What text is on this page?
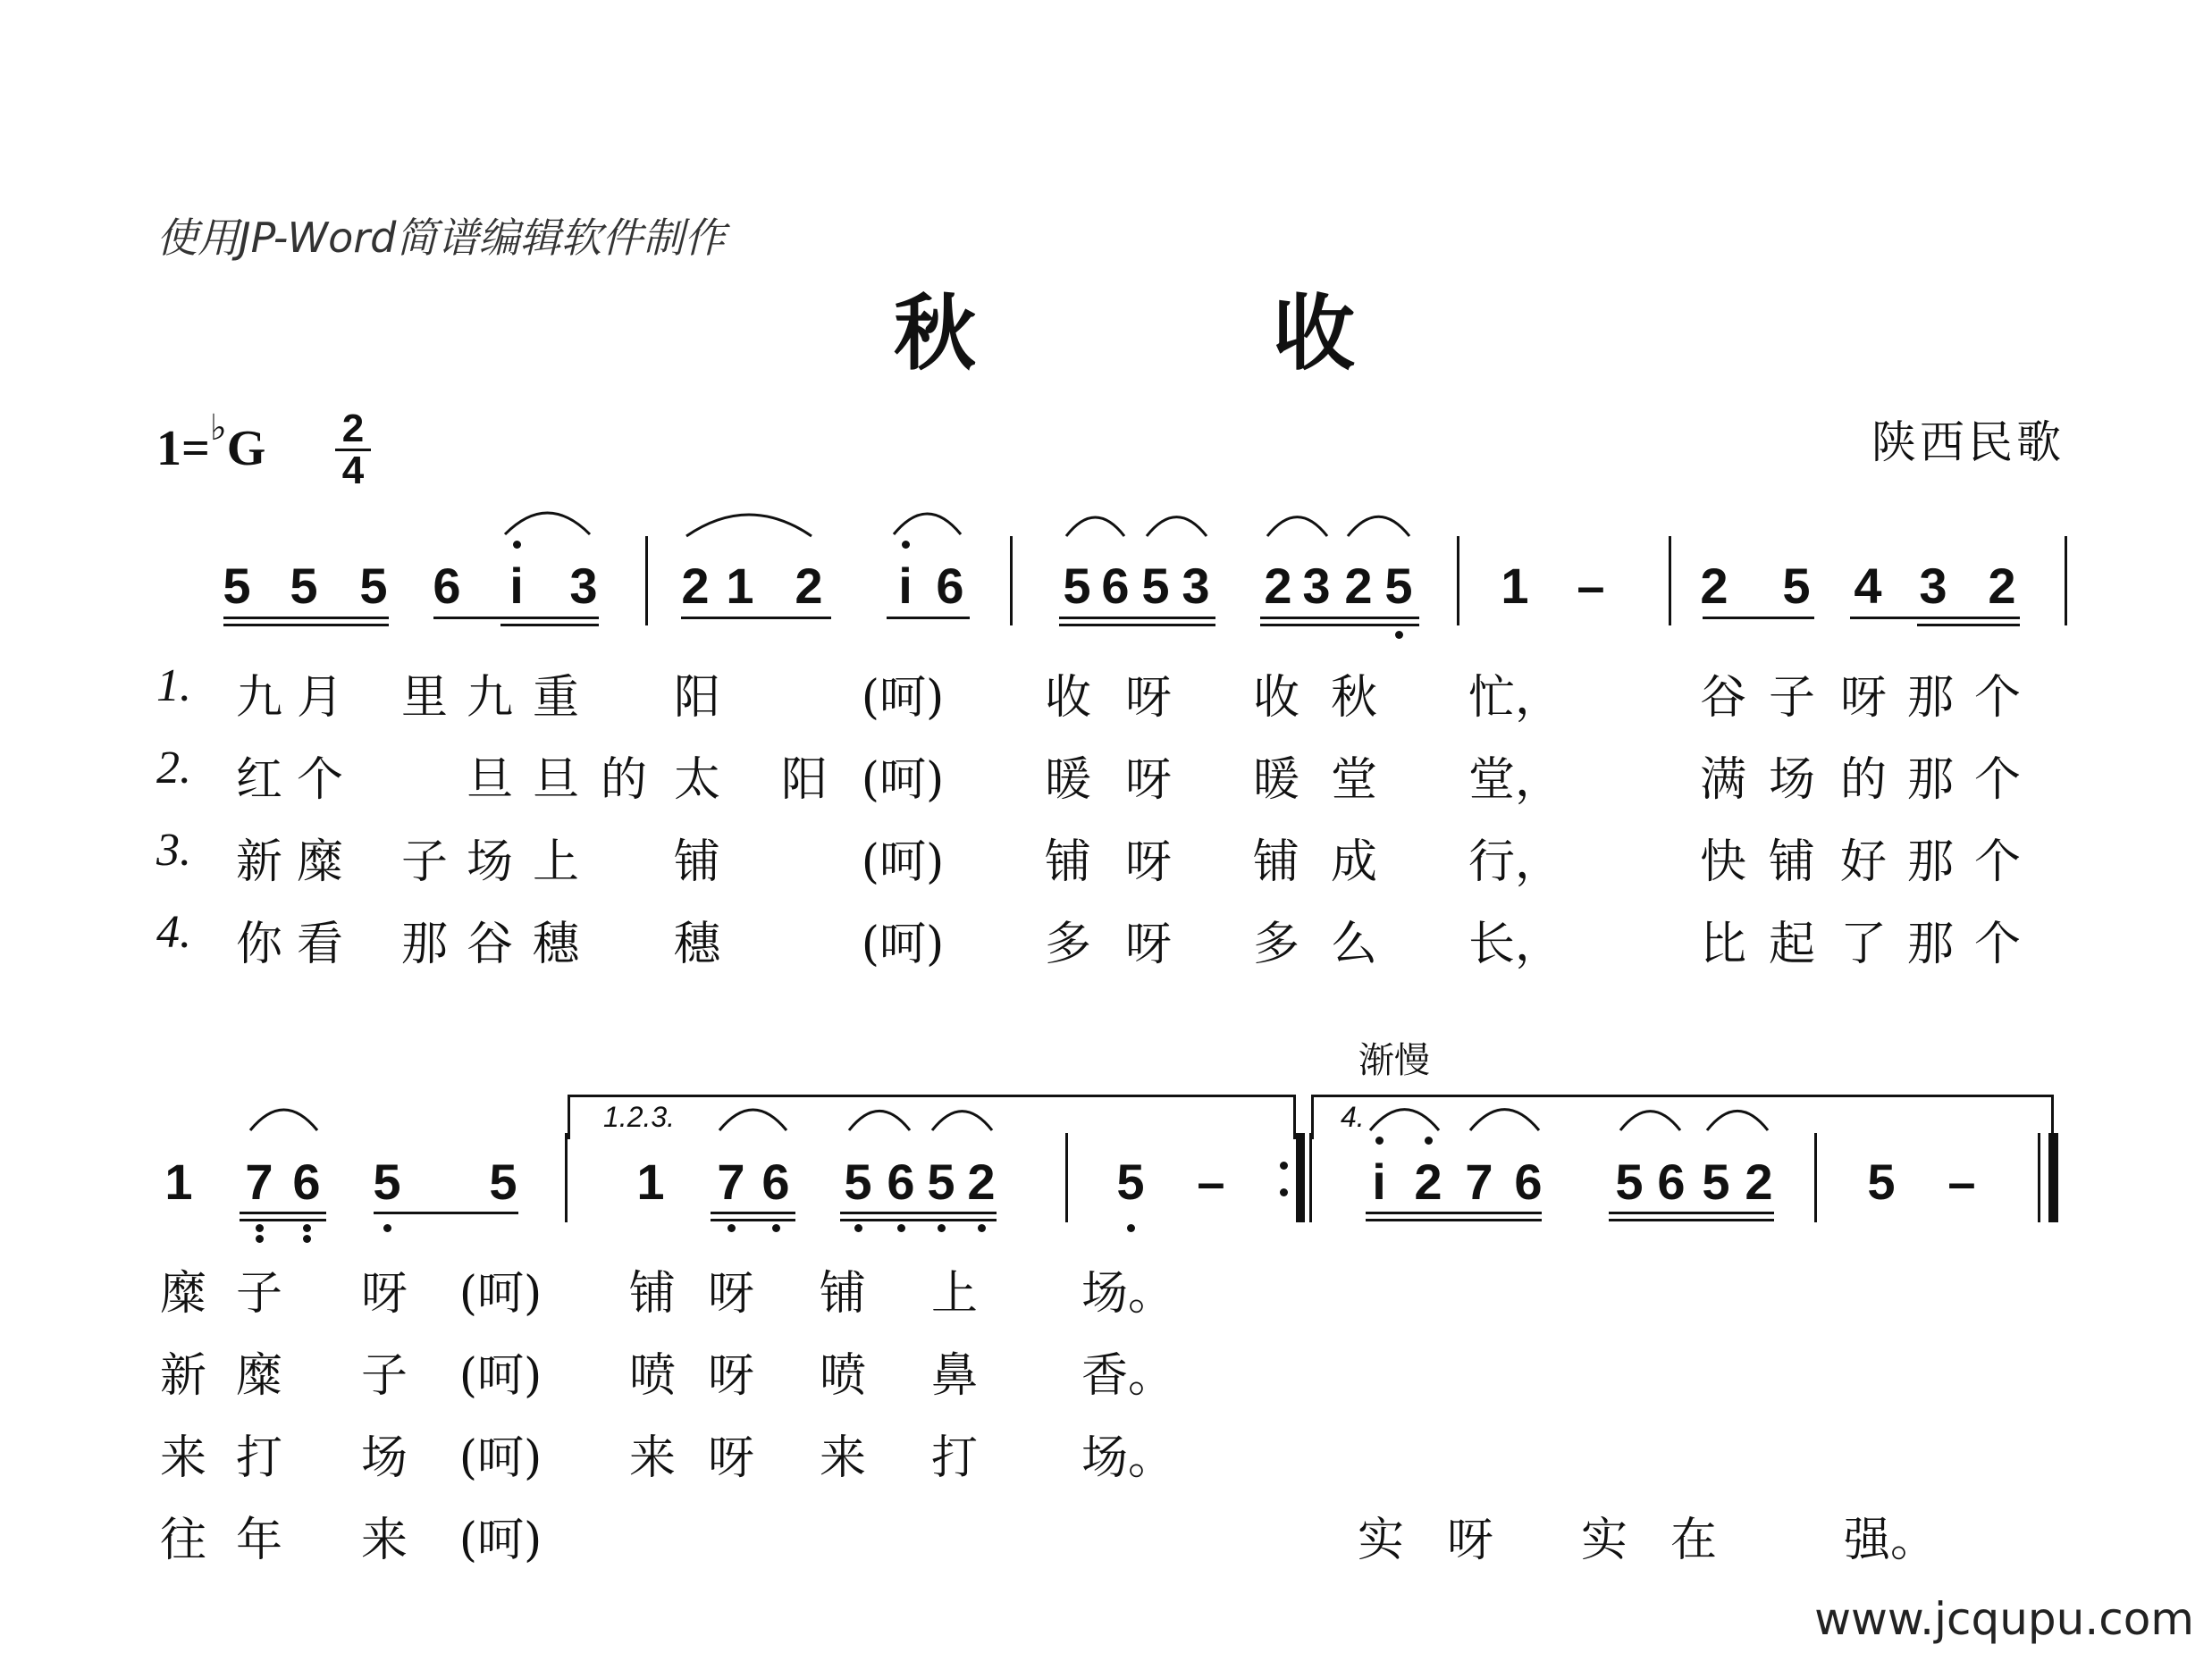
使用JP-Word简谱编辑软件制作
秋 收
$1=^♭G \frac{2}{4}$	陕西民歌
5 5 5 6 i 3 2 1 2 i 6 5 6 5 3 2 3 2 5 1 – 2 5 4 3 2
1 7 6 5 5 1 7 6 5 6 5 2 5 –	i 2 7 6 5 6 5 2 5 –
渐慢
www.jcqupu.com
1. 九 月 里 九 重 阳	(呵) 收 呀 收 秋 忙，	谷 子 呀 那 个
2. 红 个	旦 旦 的 太 阳 (呵) 暖 呀 暖 堂 堂，	满 场 的 那 个
3. 新 糜 子 场 上 铺	(呵) 铺 呀 铺 成 行，	快 铺 好 那 个
4. 你 看 那 谷 穗 穗	(呵) 多 呀 多 么 长，	比 起 了 那 个
1.2.3.	4.
糜 子 呀 (呵) 铺 呀 铺 上 场。
新 糜 子 (呵) 喷 呀 喷 鼻 香。
来 打 场 (呵) 来 呀 来 打 场。
往 年 来 (呵)	实 呀 实 在	强。
